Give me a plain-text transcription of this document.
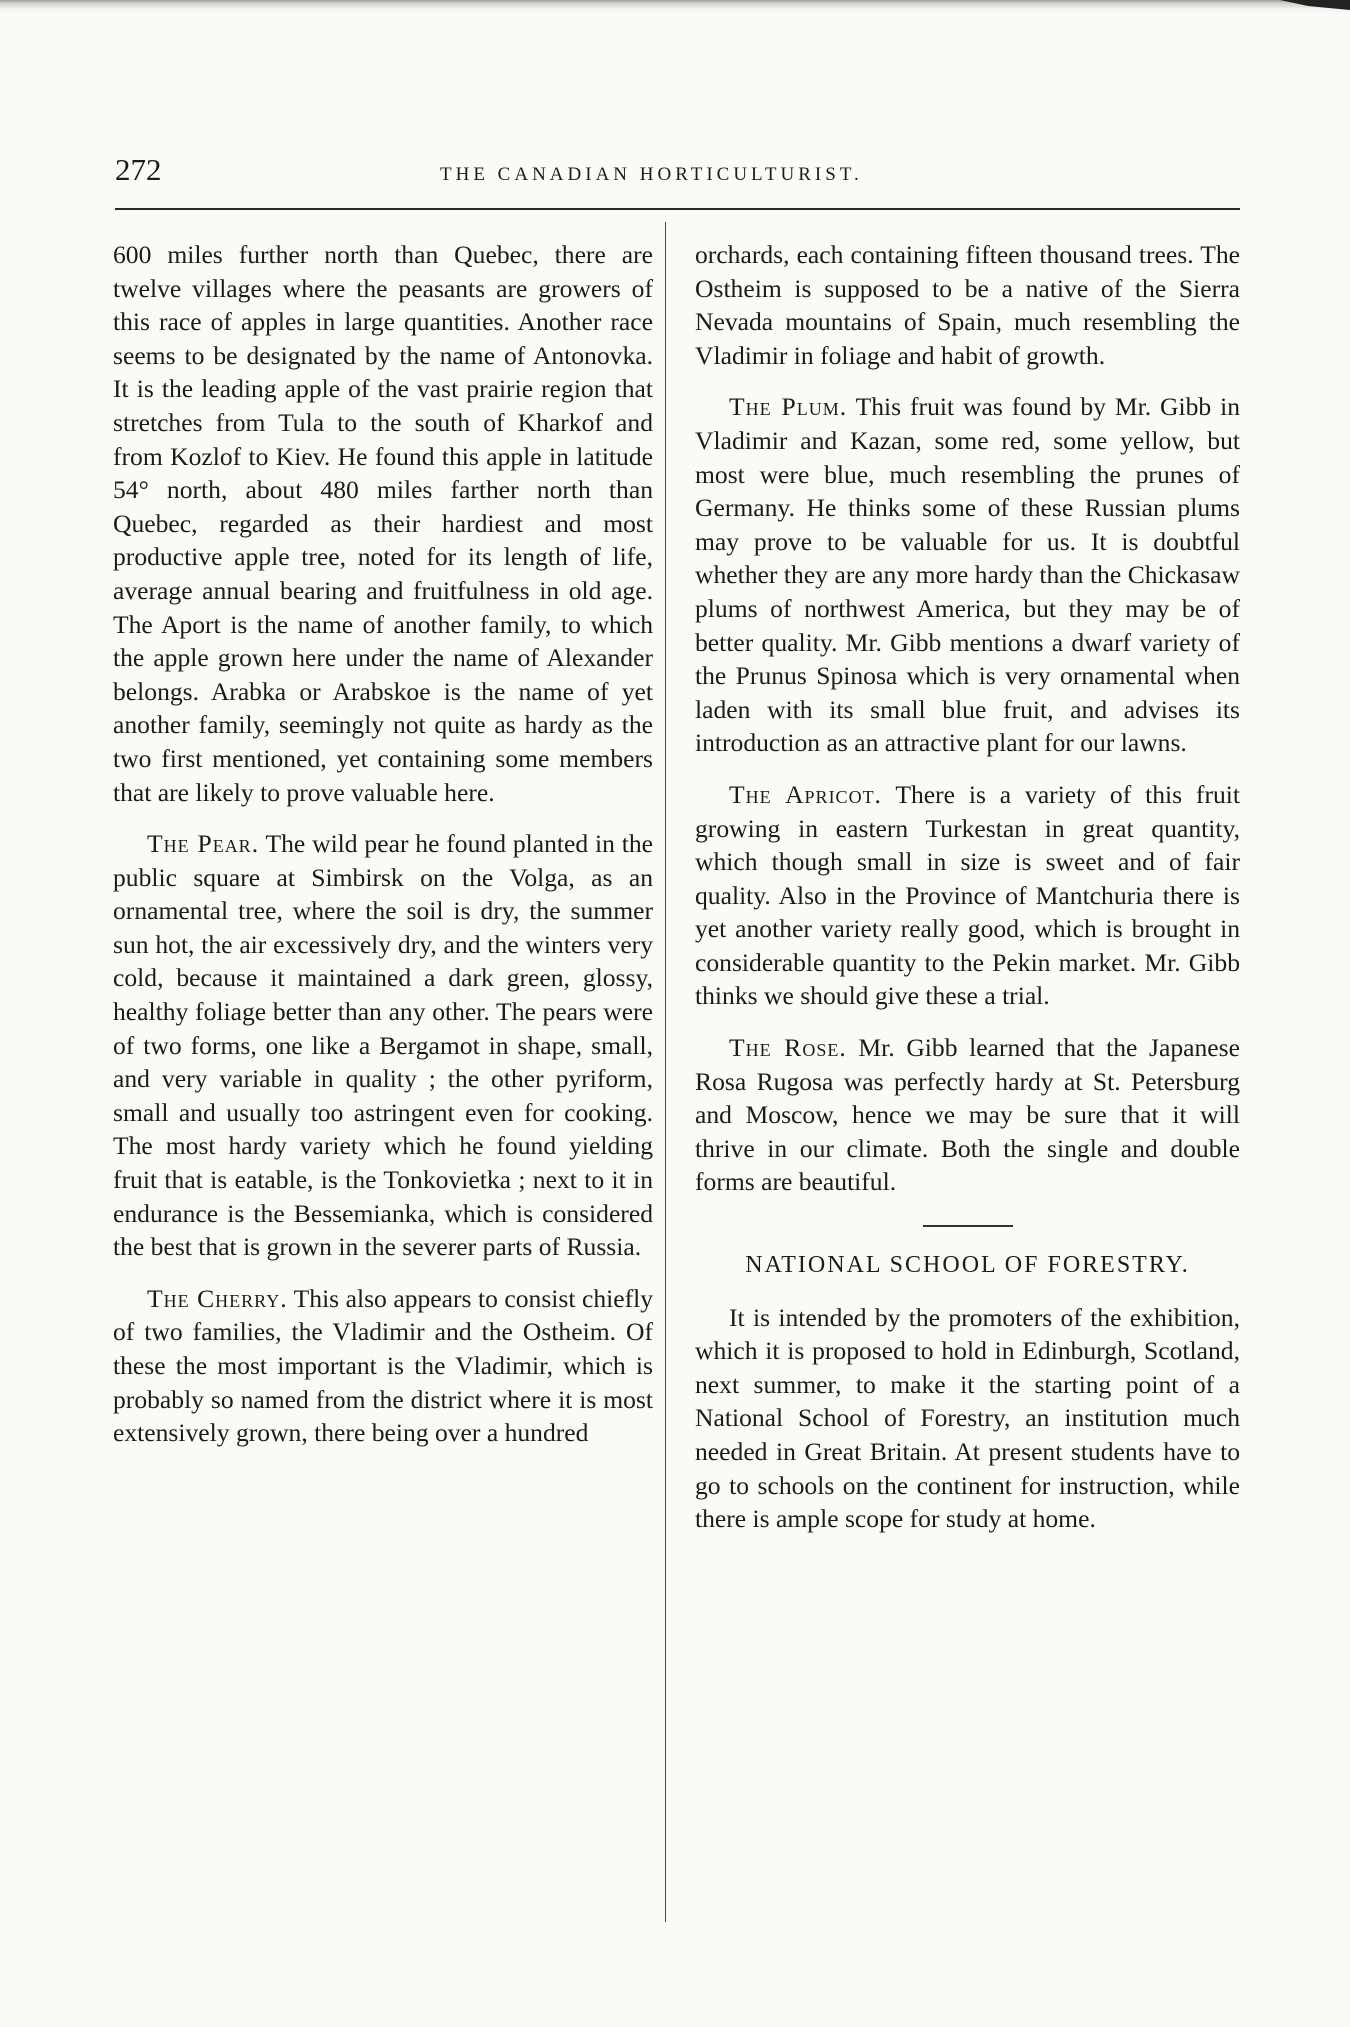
272	THE CANADIAN HORTICULTURIST.

600 miles further north than Quebec, there are twelve villages where the peasants are growers of this race of apples in large quantities. Another race seems to be designated by the name of Antonovka. It is the leading apple of the vast prairie region that stretches from Tula to the south of Kharkof and from Kozlof to Kiev. He found this apple in latitude 54° north, about 480 miles farther north than Quebec, regarded as their hardiest and most productive apple tree, noted for its length of life, average annual bearing and fruitfulness in old age. The Aport is the name of another family, to which the apple grown here under the name of Alexander belongs. Arabka or Arabskoe is the name of yet another family, seemingly not quite as hardy as the two first mentioned, yet containing some members that are likely to prove valuable here.

The Pear. The wild pear he found planted in the public square at Simbirsk on the Volga, as an ornamental tree, where the soil is dry, the summer sun hot, the air excessively dry, and the winters very cold, because it maintained a dark green, glossy, healthy foliage better than any other. The pears were of two forms, one like a Bergamot in shape, small, and very variable in quality ; the other pyriform, small and usually too astringent even for cooking. The most hardy variety which he found yielding fruit that is eatable, is the Tonkovietka ; next to it in endurance is the Bessemianka, which is considered the best that is grown in the severer parts of Russia.

The Cherry. This also appears to consist chiefly of two families, the Vladimir and the Ostheim. Of these the most important is the Vladimir, which is probably so named from the district where it is most extensively grown, there being over a hundred

orchards, each containing fifteen thousand trees. The Ostheim is supposed to be a native of the Sierra Nevada mountains of Spain, much resembling the Vladimir in foliage and habit of growth.

The Plum. This fruit was found by Mr. Gibb in Vladimir and Kazan, some red, some yellow, but most were blue, much resembling the prunes of Germany. He thinks some of these Russian plums may prove to be valuable for us. It is doubtful whether they are any more hardy than the Chickasaw plums of northwest America, but they may be of better quality. Mr. Gibb mentions a dwarf variety of the Prunus Spinosa which is very ornamental when laden with its small blue fruit, and advises its introduction as an attractive plant for our lawns.

The Apricot. There is a variety of this fruit growing in eastern Turkestan in great quantity, which though small in size is sweet and of fair quality. Also in the Province of Mantchuria there is yet another variety really good, which is brought in considerable quantity to the Pekin market. Mr. Gibb thinks we should give these a trial.

The Rose. Mr. Gibb learned that the Japanese Rosa Rugosa was perfectly hardy at St. Petersburg and Moscow, hence we may be sure that it will thrive in our climate. Both the single and double forms are beautiful.

NATIONAL SCHOOL OF FORESTRY.

It is intended by the promoters of the exhibition, which it is proposed to hold in Edinburgh, Scotland, next summer, to make it the starting point of a National School of Forestry, an institution much needed in Great Britain. At present students have to go to schools on the continent for instruction, while there is ample scope for study at home.
